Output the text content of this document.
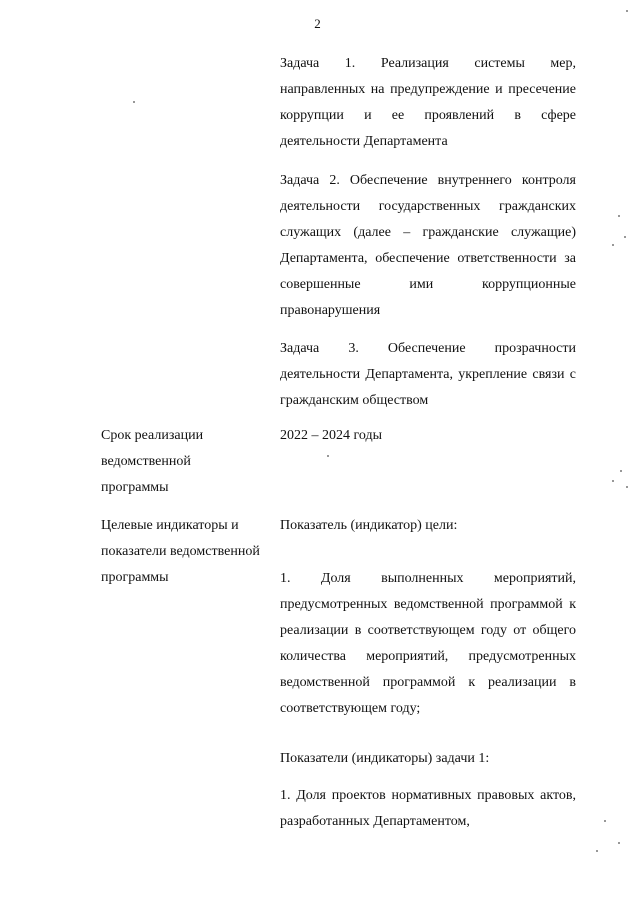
2
Задача 1. Реализация системы мер, направленных на предупреждение и пресечение коррупции и ее проявлений в сфере деятельности Департамента
Задача 2. Обеспечение внутреннего контроля деятельности государственных гражданских служащих (далее – гражданские служащие) Департамента, обеспечение ответственности за совершенные ими коррупционные правонарушения
Задача 3. Обеспечение прозрачности деятельности Департамента, укрепление связи с гражданским обществом
Срок реализации ведомственной программы
2022 – 2024 годы
Целевые индикаторы и показатели ведомственной программы
Показатель (индикатор) цели:
1. Доля выполненных мероприятий, предусмотренных ведомственной программой к реализации в соответствующем году от общего количества мероприятий, предусмотренных ведомственной программой к реализации в соответствующем году;
Показатели (индикаторы) задачи 1:
1. Доля проектов нормативных правовых актов, разработанных Департаментом,
